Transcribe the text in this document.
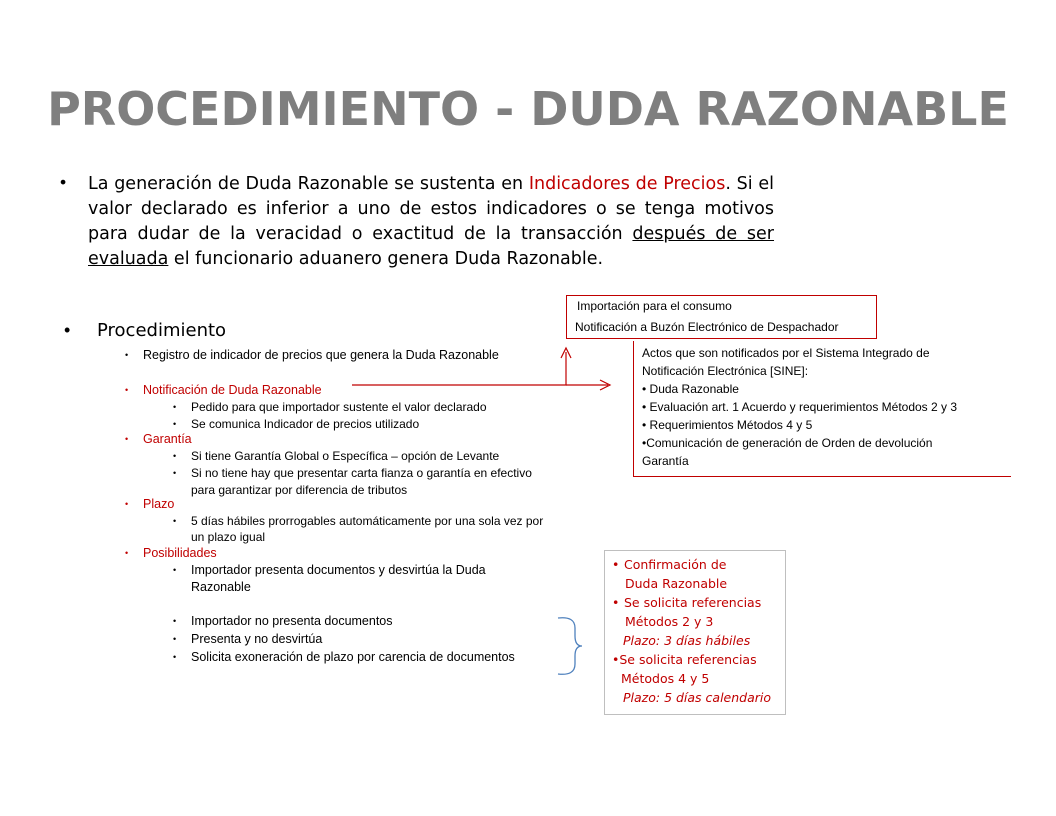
PROCEDIMIENTO - DUDA RAZONABLE
• La generación de Duda Razonable se sustenta en Indicadores de Precios. Si el valor declarado es inferior a uno de estos indicadores o se tenga motivos para dudar de la veracidad o exactitud de la transacción después de ser evaluada el funcionario aduanero genera Duda Razonable.
• Procedimiento
• Registro de indicador de precios que genera la Duda Razonable
• Notificación de Duda Razonable
• Pedido para que importador sustente el valor declarado
• Se comunica Indicador de precios utilizado
• Garantía
• Si tiene Garantía Global o Específica – opción de Levante
• Si no tiene hay que presentar carta fianza o garantía en efectivo
para garantizar por diferencia de tributos
• Plazo
• 5 días hábiles prorrogables automáticamente por una sola vez por
un plazo igual
• Posibilidades
• Importador presenta documentos y desvirtúa la Duda
Razonable
• Importador no presenta documentos
• Presenta y no desvirtúa
• Solicita exoneración de plazo por carencia de documentos
Importación para el consumo
Notificación a Buzón Electrónico de Despachador
Actos que son notificados por el Sistema Integrado de
Notificación Electrónica [SINE]:
• Duda Razonable
• Evaluación art. 1 Acuerdo y requerimientos Métodos 2 y 3
• Requerimientos Métodos 4 y 5
•Comunicación de generación de Orden de devolución
Garantía
• Confirmación de
Duda Razonable
• Se solicita referencias
Métodos 2 y 3
Plazo: 3 días hábiles
•Se solicita referencias
Métodos 4 y 5
Plazo: 5 días calendario
